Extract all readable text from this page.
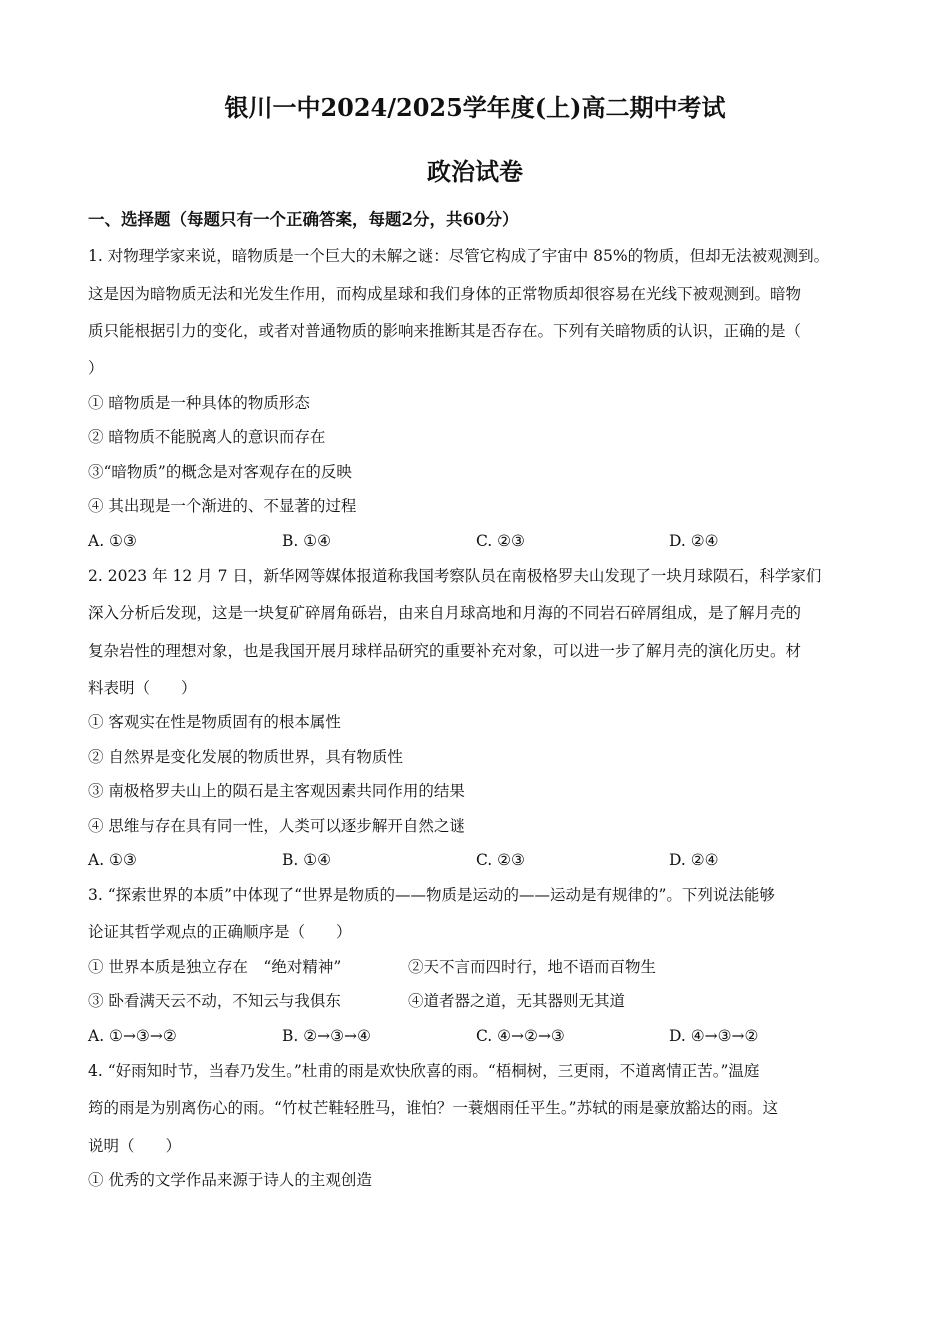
银川一中2024/2025学年度(上)高二期中考试
政治试卷
一、选择题（每题只有一个正确答案，每题2分，共60分）
1. 对物理学家来说，暗物质是一个巨大的未解之谜：尽管它构成了宇宙中 85%的物质，但却无法被观测到。
这是因为暗物质无法和光发生作用，而构成星球和我们身体的正常物质却很容易在光线下被观测到。暗物
质只能根据引力的变化，或者对普通物质的影响来推断其是否存在。下列有关暗物质的认识，正确的是（
）
① 暗物质是一种具体的物质形态
② 暗物质不能脱离人的意识而存在
③“暗物质”的概念是对客观存在的反映
④ 其出现是一个渐进的、不显著的过程
A. ①③	B. ①④	C. ②③	D. ②④
2. 2023 年 12 月 7 日，新华网等媒体报道称我国考察队员在南极格罗夫山发现了一块月球陨石，科学家们
深入分析后发现，这是一块复矿碎屑角砾岩，由来自月球高地和月海的不同岩石碎屑组成，是了解月壳的
复杂岩性的理想对象，也是我国开展月球样品研究的重要补充对象，可以进一步了解月壳的演化历史。材
料表明（　　）
① 客观实在性是物质固有的根本属性
② 自然界是变化发展的物质世界，具有物质性
③ 南极格罗夫山上的陨石是主客观因素共同作用的结果
④ 思维与存在具有同一性，人类可以逐步解开自然之谜
A. ①③	B. ①④	C. ②③	D. ②④
3. “探索世界的本质”中体现了“世界是物质的——物质是运动的——运动是有规律的”。下列说法能够
论证其哲学观点的正确顺序是（　　）
① 世界本质是独立存在　“绝对精神”	②天不言而四时行，地不语而百物生
③ 卧看满天云不动，不知云与我俱东	④道者器之道，无其器则无其道
A. ①→③→②	B. ②→③→④	C. ④→②→③	D. ④→③→②
4. “好雨知时节，当春乃发生。”杜甫的雨是欢快欣喜的雨。“梧桐树，三更雨，不道离情正苦。”温庭
筠的雨是为别离伤心的雨。“竹杖芒鞋轻胜马，谁怕？一蓑烟雨任平生。”苏轼的雨是豪放豁达的雨。这
说明（　　）
① 优秀的文学作品来源于诗人的主观创造
